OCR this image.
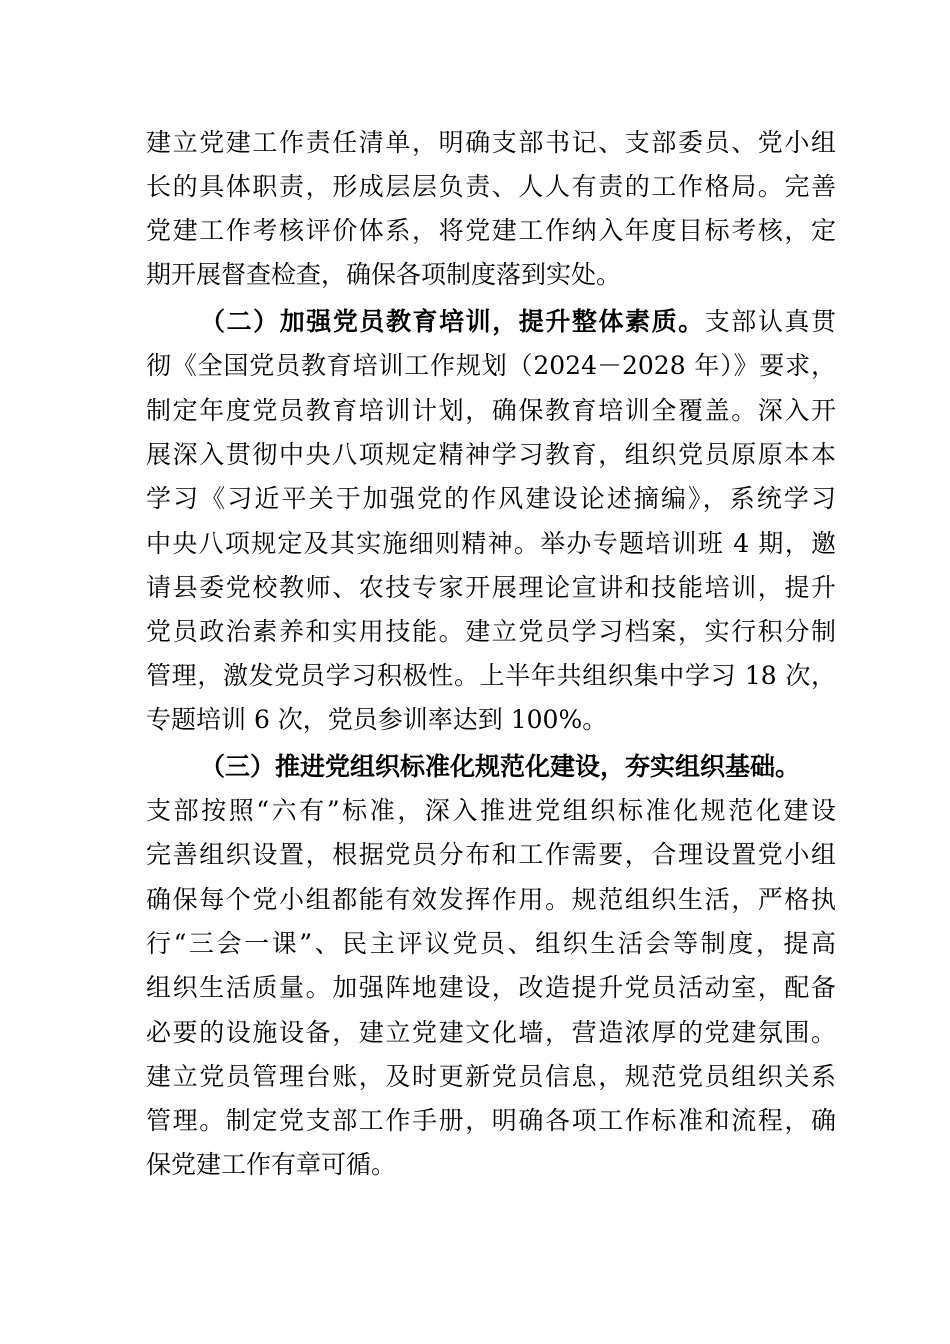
建立党建工作责任清单，明确支部书记、支部委员、党小组
长的具体职责，形成层层负责、人人有责的工作格局。完善
党建工作考核评价体系，将党建工作纳入年度目标考核，定
期开展督查检查，确保各项制度落到实处。
（二）加强党员教育培训，提升整体素质。支部认真贯
彻《全国党员教育培训工作规划（2024－2028 年）》要求，
制定年度党员教育培训计划，确保教育培训全覆盖。深入开
展深入贯彻中央八项规定精神学习教育，组织党员原原本本
学习《习近平关于加强党的作风建设论述摘编》，系统学习
中央八项规定及其实施细则精神。举办专题培训班 4 期，邀
请县委党校教师、农技专家开展理论宣讲和技能培训，提升
党员政治素养和实用技能。建立党员学习档案，实行积分制
管理，激发党员学习积极性。上半年共组织集中学习 18 次，
专题培训 6 次，党员参训率达到 100%。
（三）推进党组织标准化规范化建设，夯实组织基础。
支部按照“六有”标准，深入推进党组织标准化规范化建设
完善组织设置，根据党员分布和工作需要，合理设置党小组
确保每个党小组都能有效发挥作用。规范组织生活，严格执
行“三会一课”、民主评议党员、组织生活会等制度，提高
组织生活质量。加强阵地建设，改造提升党员活动室，配备
必要的设施设备，建立党建文化墙，营造浓厚的党建氛围。
建立党员管理台账，及时更新党员信息，规范党员组织关系
管理。制定党支部工作手册，明确各项工作标准和流程，确
保党建工作有章可循。
